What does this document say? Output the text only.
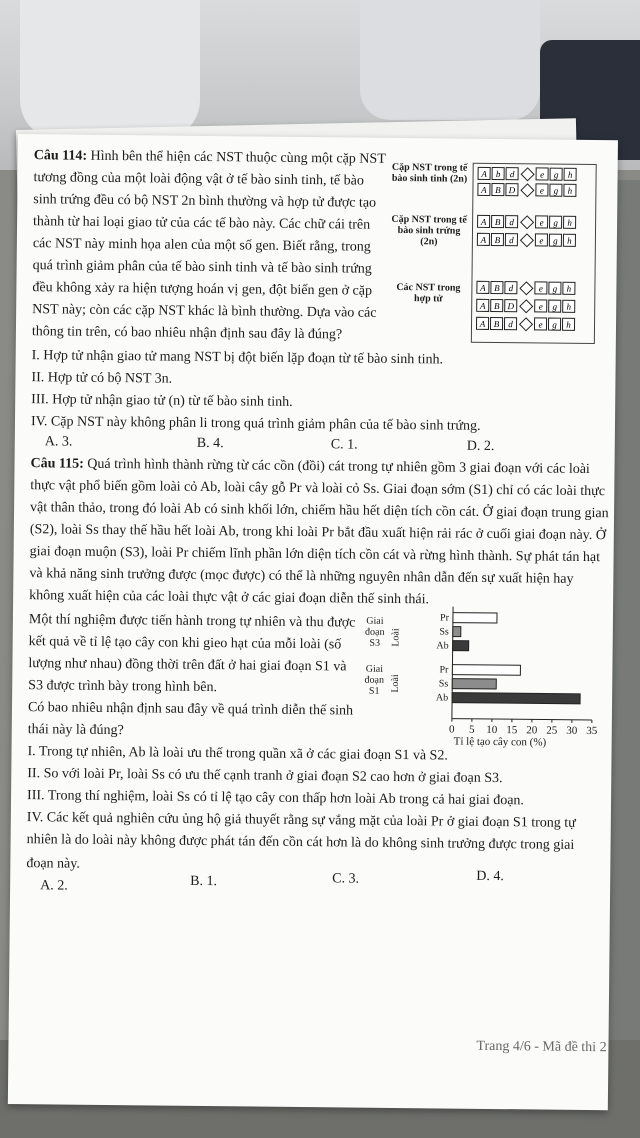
Câu 114: Hình bên thể hiện các NST thuộc cùng một cặp NST
tương đồng của một loài động vật ở tế bào sinh tinh, tế bào
sinh trứng đều có bộ NST 2n bình thường và hợp tử được tạo
thành từ hai loại giao tử của các tế bào này. Các chữ cái trên
các NST này minh họa alen của một số gen. Biết rằng, trong
quá trình giảm phân của tế bào sinh tinh và tế bào sinh trứng
đều không xảy ra hiện tượng hoán vị gen, đột biến gen ở cặp
NST này; còn các cặp NST khác là bình thường. Dựa vào các
thông tin trên, có bao nhiêu nhận định sau đây là đúng?
Cặp NST trong tế bào sinh tinh (2n)
Cặp NST trong tế bào sinh trứng (2n)
Các NST trong hợp tử
A b	d	e	g	h
A B D	e	g	h
A B d	e	g	h
A B d	e	g	h
A B d	e	g	h
A B D	e	g	h
A B d	e	g	h
I. Hợp tử nhận giao tử mang NST bị đột biến lặp đoạn từ tế bào sinh tinh.
II. Hợp tử có bộ NST 3n.
III. Hợp tử nhận giao tử (n) từ tế bào sinh tinh.
IV. Cặp NST này không phân li trong quá trình giảm phân của tế bào sinh trứng.
A. 3.	B. 4.	C. 1.	D. 2.
Câu 115: Quá trình hình thành rừng từ các cồn (đồi) cát trong tự nhiên gồm 3 giai đoạn với các loài
thực vật phổ biến gồm loài cỏ Ab, loài cây gỗ Pr và loài cỏ Ss. Giai đoạn sớm (S1) chỉ có các loài thực
vật thân thảo, trong đó loài Ab có sinh khối lớn, chiếm hầu hết diện tích cồn cát. Ở giai đoạn trung gian
(S2), loài Ss thay thế hầu hết loài Ab, trong khi loài Pr bắt đầu xuất hiện rải rác ở cuối giai đoạn này. Ở
giai đoạn muộn (S3), loài Pr chiếm lĩnh phần lớn diện tích cồn cát và rừng hình thành. Sự phát tán hạt
và khả năng sinh trưởng được (mọc được) có thể là những nguyên nhân dẫn đến sự xuất hiện hay
không xuất hiện của các loài thực vật ở các giai đoạn diễn thế sinh thái.
Một thí nghiệm được tiến hành trong tự nhiên và thu được
kết quả về tỉ lệ tạo cây con khi gieo hạt của mỗi loài (số
lượng như nhau) đồng thời trên đất ở hai giai đoạn S1 và
S3 được trình bày trong hình bên.
Có bao nhiêu nhận định sau đây về quá trình diễn thế sinh
thái này là đúng?
Giai đoạn S3
Giai đoạn S1
Loài
Loài
Pr
Ss
Ab
Pr
Ss
Ab
0 5 10 15 20 25 30 35
Tỉ lệ tạo cây con (%)
I. Trong tự nhiên, Ab là loài ưu thế trong quần xã ở các giai đoạn S1 và S2.
II. So với loài Pr, loài Ss có ưu thế cạnh tranh ở giai đoạn S2 cao hơn ở giai đoạn S3.
III. Trong thí nghiệm, loài Ss có tỉ lệ tạo cây con thấp hơn loài Ab trong cả hai giai đoạn.
IV. Các kết quả nghiên cứu ủng hộ giả thuyết rằng sự vắng mặt của loài Pr ở giai đoạn S1 trong tự
nhiên là do loài này không được phát tán đến cồn cát hơn là do không sinh trưởng được trong giai
đoạn này.
A. 2.	B. 1.	C. 3.	D. 4.
Trang 4/6 - Mã đề thi 2
